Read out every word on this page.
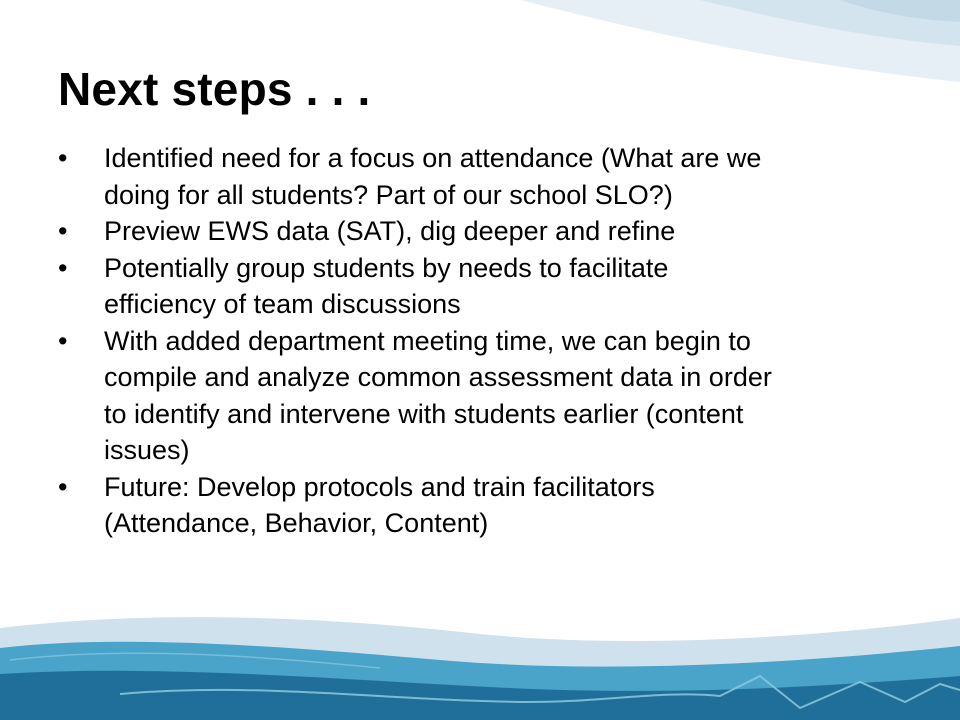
Next steps . . .
•	Identified need for a focus on attendance (What are we
doing for all students? Part of our school SLO?)
•	Preview EWS data (SAT), dig deeper and refine
•	Potentially group students by needs to facilitate
efficiency of team discussions
•	With added department meeting time, we can begin to
compile and analyze common assessment data in order
to identify and intervene with students earlier (content
issues)
•	Future: Develop protocols and train facilitators
(Attendance, Behavior, Content)
